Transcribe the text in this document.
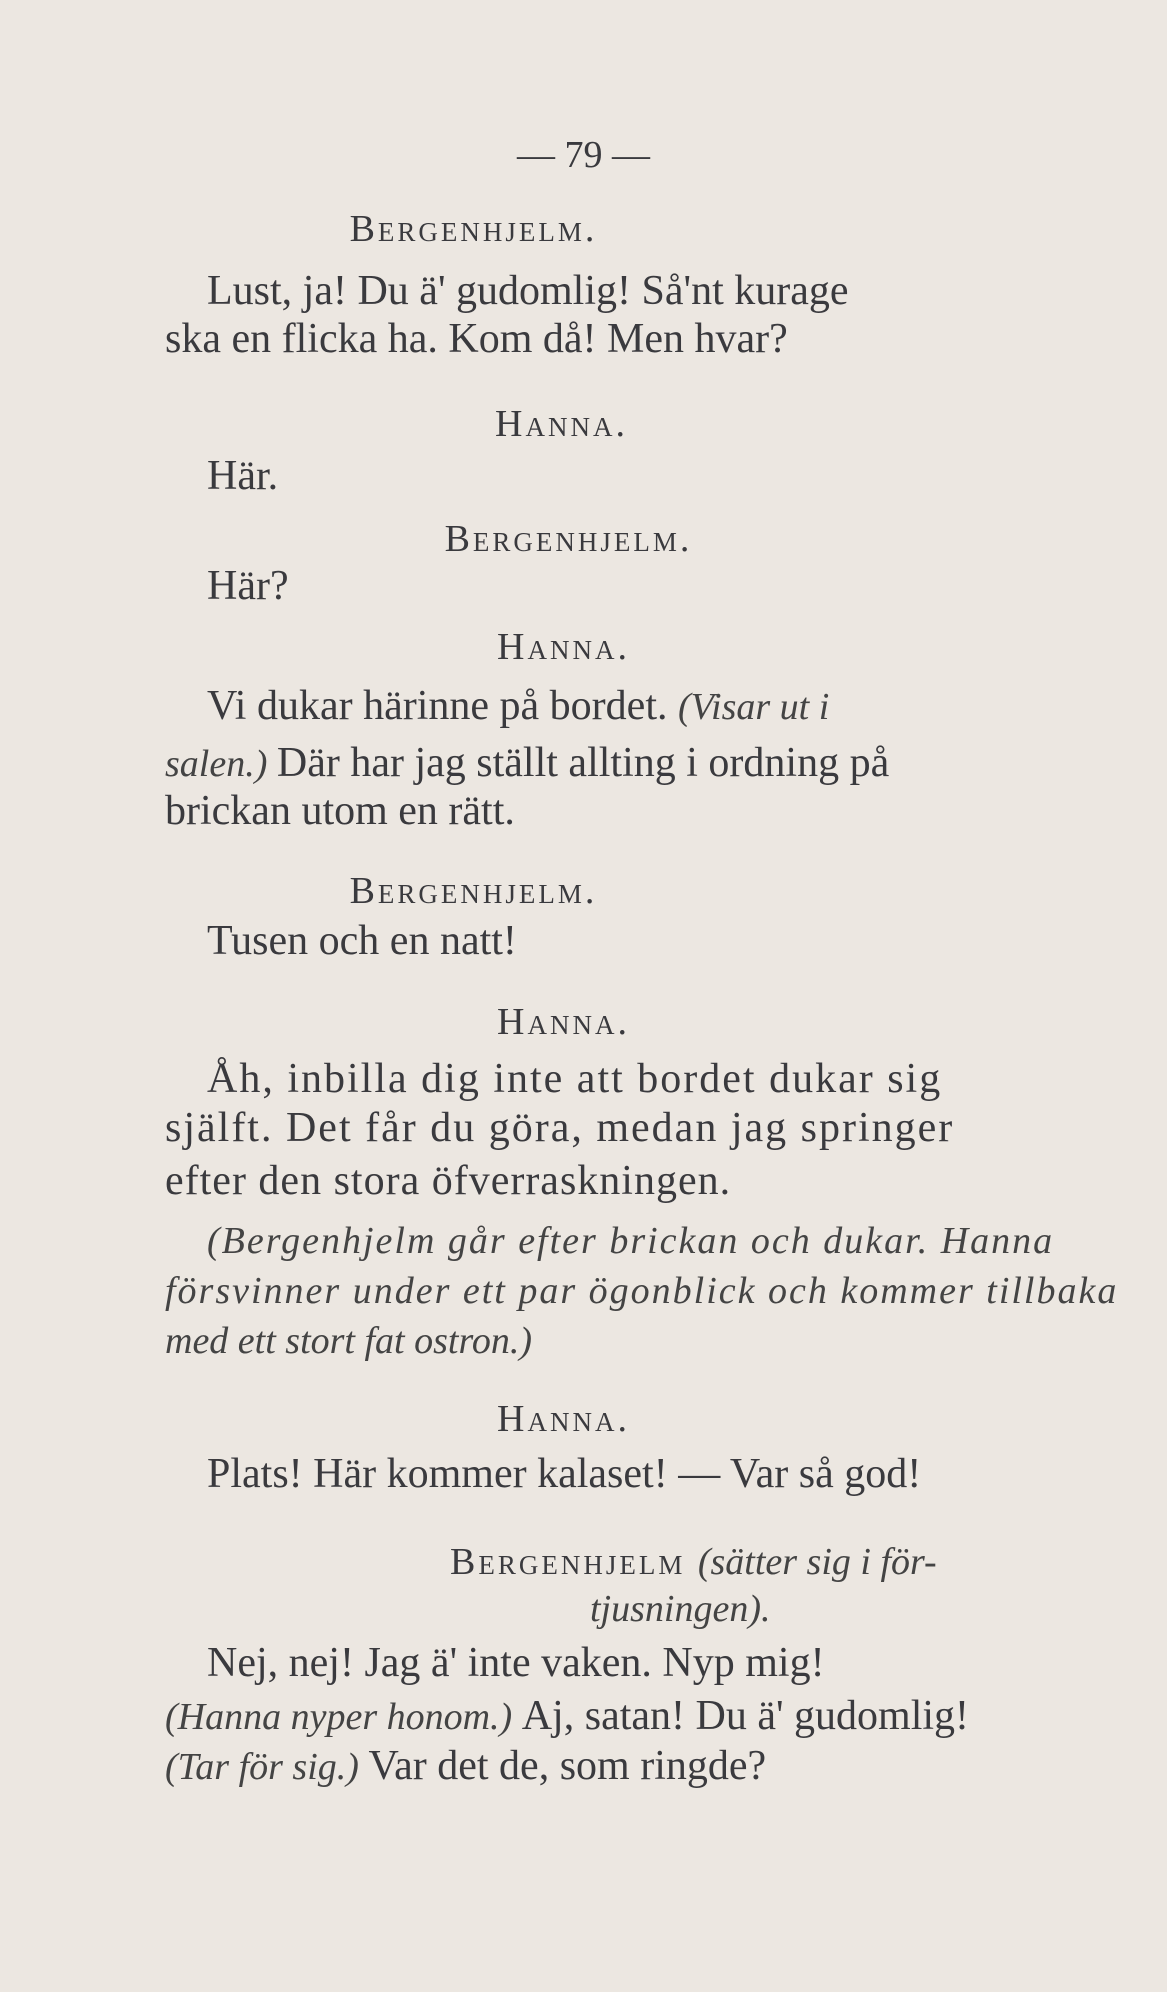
— 79 —
Bergenhjelm.
Lust, ja! Du ä' gudomlig! Så'nt kurage
ska en flicka ha. Kom då! Men hvar?
Hanna.
Här.
Bergenhjelm.
Här?
Hanna.
Vi dukar härinne på bordet. (Visar ut i
salen.) Där har jag ställt allting i ordning på
brickan utom en rätt.
Bergenhjelm.
Tusen och en natt!
Hanna.
Åh, inbilla dig inte att bordet dukar sig
själft. Det får du göra, medan jag springer
efter den stora öfverraskningen.
(Bergenhjelm går efter brickan och dukar. Hanna
försvinner under ett par ögonblick och kommer tillbaka
med ett stort fat ostron.)
Hanna.
Plats! Här kommer kalaset! — Var så god!
Bergenhjelm (sätter sig i för-
tjusningen).
Nej, nej! Jag ä' inte vaken. Nyp mig!
(Hanna nyper honom.) Aj, satan! Du ä' gudomlig!
(Tar för sig.) Var det de, som ringde?
